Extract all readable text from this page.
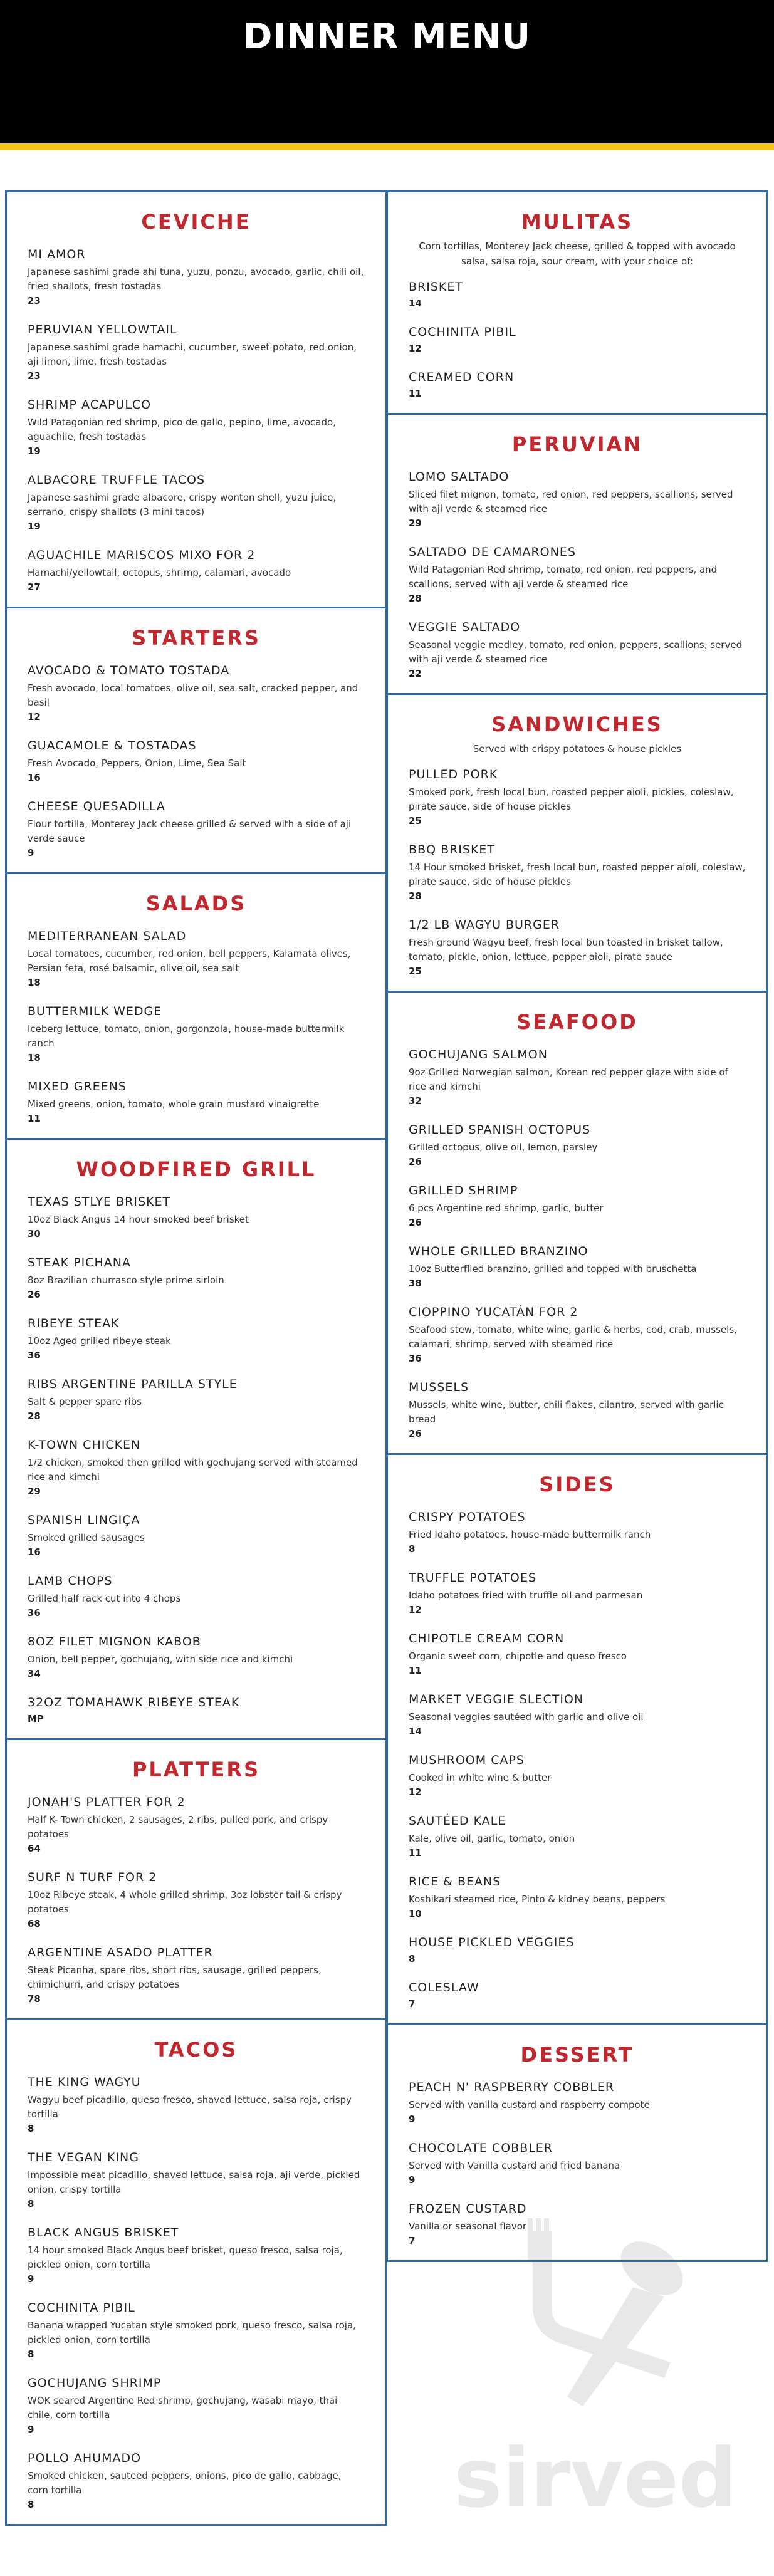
DINNER MENU
CEVICHE
MI AMOR
Japanese sashimi grade ahi tuna, yuzu, ponzu, avocado, garlic, chili oil, fried shallots, fresh tostadas
23
PERUVIAN YELLOWTAIL
Japanese sashimi grade hamachi, cucumber, sweet potato, red onion, aji limon, lime, fresh tostadas
23
SHRIMP ACAPULCO
Wild Patagonian red shrimp, pico de gallo, pepino, lime, avocado, aguachile, fresh tostadas
19
ALBACORE TRUFFLE TACOS
Japanese sashimi grade albacore, crispy wonton shell, yuzu juice, serrano, crispy shallots (3 mini tacos)
19
AGUACHILE MARISCOS MIXO FOR 2
Hamachi/yellowtail, octopus, shrimp, calamari, avocado
27
STARTERS
AVOCADO & TOMATO TOSTADA
Fresh avocado, local tomatoes, olive oil, sea salt, cracked pepper, and basil
12
GUACAMOLE & TOSTADAS
Fresh Avocado, Peppers, Onion, Lime, Sea Salt
16
CHEESE QUESADILLA
Flour tortilla, Monterey Jack cheese grilled & served with a side of aji verde sauce
9
SALADS
MEDITERRANEAN SALAD
Local tomatoes, cucumber, red onion, bell peppers, Kalamata olives, Persian feta, rosé balsamic, olive oil, sea salt
18
BUTTERMILK WEDGE
Iceberg lettuce, tomato, onion, gorgonzola, house-made buttermilk ranch
18
MIXED GREENS
Mixed greens, onion, tomato, whole grain mustard vinaigrette
11
WOODFIRED GRILL
TEXAS STLYE BRISKET
10oz Black Angus 14 hour smoked beef brisket
30
STEAK PICHANA
8oz Brazilian churrasco style prime sirloin
26
RIBEYE STEAK
10oz Aged grilled ribeye steak
36
RIBS ARGENTINE PARILLA STYLE
Salt & pepper spare ribs
28
K-TOWN CHICKEN
1/2 chicken, smoked then grilled with gochujang served with steamed rice and kimchi
29
SPANISH LINGIÇA
Smoked grilled sausages
16
LAMB CHOPS
Grilled half rack cut into 4 chops
36
8OZ FILET MIGNON KABOB
Onion, bell pepper, gochujang, with side rice and kimchi
34
32OZ TOMAHAWK RIBEYE STEAK
MP
PLATTERS
JONAH'S PLATTER FOR 2
Half K- Town chicken, 2 sausages, 2 ribs, pulled pork, and crispy potatoes
64
SURF N TURF FOR 2
10oz Ribeye steak, 4 whole grilled shrimp, 3oz lobster tail & crispy potatoes
68
ARGENTINE ASADO PLATTER
Steak Picanha, spare ribs, short ribs, sausage, grilled peppers, chimichurri, and crispy potatoes
78
TACOS
THE KING WAGYU
Wagyu beef picadillo, queso fresco, shaved lettuce, salsa roja, crispy tortilla
8
THE VEGAN KING
Impossible meat picadillo, shaved lettuce, salsa roja, aji verde, pickled onion, crispy tortilla
8
BLACK ANGUS BRISKET
14 hour smoked Black Angus beef brisket, queso fresco, salsa roja, pickled onion, corn tortilla
9
COCHINITA PIBIL
Banana wrapped Yucatan style smoked pork, queso fresco, salsa roja, pickled onion, corn tortilla
8
GOCHUJANG SHRIMP
WOK seared Argentine Red shrimp, gochujang, wasabi mayo, thai chile, corn tortilla
9
POLLO AHUMADO
Smoked chicken, sauteed peppers, onions, pico de gallo, cabbage, corn tortilla
8
MULITAS
Corn tortillas, Monterey Jack cheese, grilled & topped with avocado salsa, salsa roja, sour cream, with your choice of:
BRISKET
14
COCHINITA PIBIL
12
CREAMED CORN
11
PERUVIAN
LOMO SALTADO
Sliced filet mignon, tomato, red onion, red peppers, scallions, served with aji verde & steamed rice
29
SALTADO DE CAMARONES
Wild Patagonian Red shrimp, tomato, red onion, red peppers, and scallions, served with aji verde & steamed rice
28
VEGGIE SALTADO
Seasonal veggie medley, tomato, red onion, peppers, scallions, served with aji verde & steamed rice
22
SANDWICHES
Served with crispy potatoes & house pickles
PULLED PORK
Smoked pork, fresh local bun, roasted pepper aioli, pickles, coleslaw, pirate sauce, side of house pickles
25
BBQ BRISKET
14 Hour smoked brisket, fresh local bun, roasted pepper aioli, coleslaw, pirate sauce, side of house pickles
28
1/2 LB WAGYU BURGER
Fresh ground Wagyu beef, fresh local bun toasted in brisket tallow, tomato, pickle, onion, lettuce, pepper aioli, pirate sauce
25
SEAFOOD
GOCHUJANG SALMON
9oz Grilled Norwegian salmon, Korean red pepper glaze with side of rice and kimchi
32
GRILLED SPANISH OCTOPUS
Grilled octopus, olive oil, lemon, parsley
26
GRILLED SHRIMP
6 pcs Argentine red shrimp, garlic, butter
26
WHOLE GRILLED BRANZINO
10oz Butterflied branzino, grilled and topped with bruschetta
38
CIOPPINO YUCATÁN FOR 2
Seafood stew, tomato, white wine, garlic & herbs, cod, crab, mussels, calamari, shrimp, served with steamed rice
36
MUSSELS
Mussels, white wine, butter, chili flakes, cilantro, served with garlic bread
26
SIDES
CRISPY POTATOES
Fried Idaho potatoes, house-made buttermilk ranch
8
TRUFFLE POTATOES
Idaho potatoes fried with truffle oil and parmesan
12
CHIPOTLE CREAM CORN
Organic sweet corn, chipotle and queso fresco
11
MARKET VEGGIE SLECTION
Seasonal veggies sautéed with garlic and olive oil
14
MUSHROOM CAPS
Cooked in white wine & butter
12
SAUTÉED KALE
Kale, olive oil, garlic, tomato, onion
11
RICE & BEANS
Koshikari steamed rice, Pinto & kidney beans, peppers
10
HOUSE PICKLED VEGGIES
8
COLESLAW
7
DESSERT
PEACH N' RASPBERRY COBBLER
Served with vanilla custard and raspberry compote
9
CHOCOLATE COBBLER
Served with Vanilla custard and fried banana
9
FROZEN CUSTARD
Vanilla or seasonal flavor
7
sirved
